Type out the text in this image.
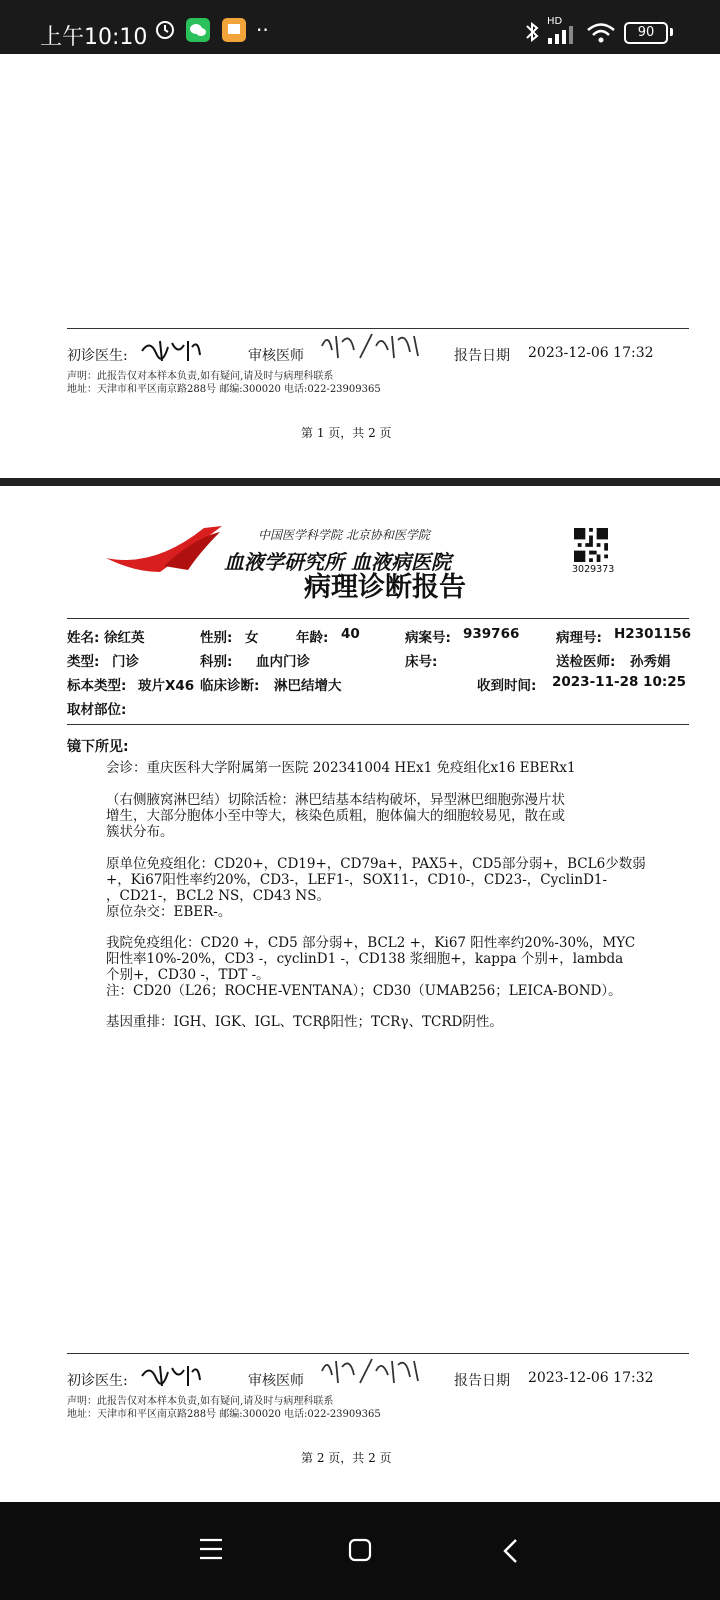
上午10:10	··	HD
90
初诊医生:	审核医师	报告日期 2023-12-06 17:32
声明：此报告仅对本样本负责,如有疑问,请及时与病理科联系
地址：天津市和平区南京路288号 邮编:300020 电话:022-23909365
第 1 页，共 2 页
中国医学科学院 北京协和医学院
血液学研究所 血液病医院
病理诊断报告
3029373
姓名: 徐红英	性别: 女	年龄: 40	病案号: 939766	病理号: H2301156
类型: 门诊	科别: 血内门诊	床号:	送检医师: 孙秀娟
标本类型: 玻片X46 临床诊断: 淋巴结增大	收到时间: 2023-11-28 10:25
取材部位:
镜下所见:
会诊：重庆医科大学附属第一医院 202341004 HEx1 免疫组化x16 EBERx1
（右侧腋窝淋巴结）切除活检：淋巴结基本结构破坏，异型淋巴细胞弥漫片状
增生，大部分胞体小至中等大，核染色质粗，胞体偏大的细胞较易见，散在或
簇状分布。
原单位免疫组化：CD20+，CD19+，CD79a+，PAX5+，CD5部分弱+，BCL6少数弱
+，Ki67阳性率约20%，CD3-，LEF1-，SOX11-，CD10-，CD23-，CyclinD1-
，CD21-，BCL2 NS，CD43 NS。
原位杂交：EBER-。
我院免疫组化：CD20 +，CD5 部分弱+，BCL2 +，Ki67 阳性率约20%-30%，MYC
阳性率10%-20%，CD3 -，cyclinD1 -，CD138 浆细胞+，kappa 个别+，lambda
个别+，CD30 -，TDT -。
注：CD20（L26；ROCHE-VENTANA）；CD30（UMAB256；LEICA-BOND）。
基因重排：IGH、IGK、IGL、TCRβ阳性；TCRγ、TCRD阴性。
初诊医生:	审核医师	报告日期 2023-12-06 17:32
声明：此报告仅对本样本负责,如有疑问,请及时与病理科联系
地址：天津市和平区南京路288号 邮编:300020 电话:022-23909365
第 2 页，共 2 页
